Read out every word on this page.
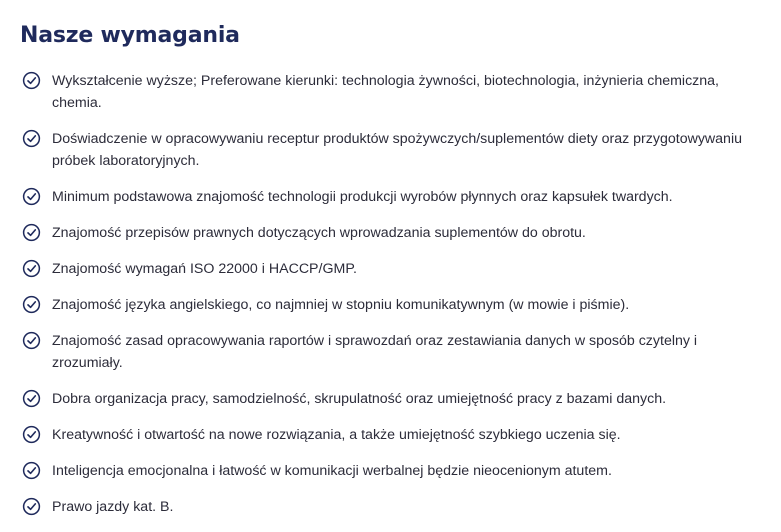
Nasze wymagania
Wykształcenie wyższe; Preferowane kierunki: technologia żywności, biotechnologia, inżynieria chemiczna, chemia.
Doświadczenie w opracowywaniu receptur produktów spożywczych/suplementów diety oraz przygotowywaniu próbek laboratoryjnych.
Minimum podstawowa znajomość technologii produkcji wyrobów płynnych oraz kapsułek twardych.
Znajomość przepisów prawnych dotyczących wprowadzania suplementów do obrotu.
Znajomość wymagań ISO 22000 i HACCP/GMP.
Znajomość języka angielskiego, co najmniej w stopniu komunikatywnym (w mowie i piśmie).
Znajomość zasad opracowywania raportów i sprawozdań oraz zestawiania danych w sposób czytelny i zrozumiały.
Dobra organizacja pracy, samodzielność, skrupulatność oraz umiejętność pracy z bazami danych.
Kreatywność i otwartość na nowe rozwiązania, a także umiejętność szybkiego uczenia się.
Inteligencja emocjonalna i łatwość w komunikacji werbalnej będzie nieocenionym atutem.
Prawo jazdy kat. B.
